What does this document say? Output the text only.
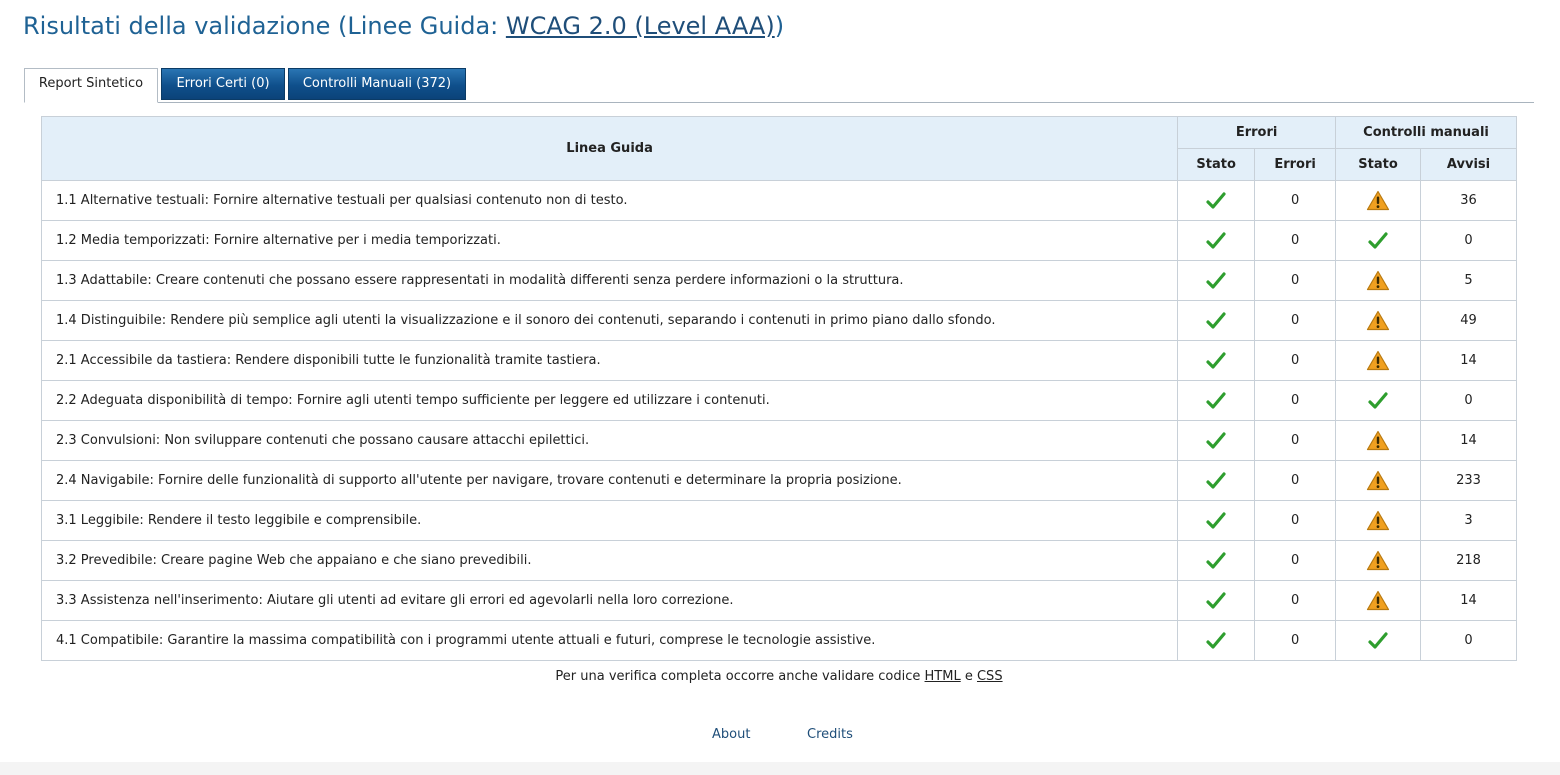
Risultati della validazione (Linee Guida: WCAG 2.0 (Level AAA))
Report Sintetico	Errori Certi (0)	Controlli Manuali (372)
Linea Guida	Errori		Controlli manuali	
	Stato	Errori	Stato	Avvisi
1.1 Alternative testuali: Fornire alternative testuali per qualsiasi contenuto non di testo.		0		36
1.2 Media temporizzati: Fornire alternative per i media temporizzati.		0		0
1.3 Adattabile: Creare contenuti che possano essere rappresentati in modalità differenti senza perdere informazioni o la struttura.		0		5
1.4 Distinguibile: Rendere più semplice agli utenti la visualizzazione e il sonoro dei contenuti, separando i contenuti in primo piano dallo sfondo.		0		49
2.1 Accessibile da tastiera: Rendere disponibili tutte le funzionalità tramite tastiera.		0		14
2.2 Adeguata disponibilità di tempo: Fornire agli utenti tempo sufficiente per leggere ed utilizzare i contenuti.		0		0
2.3 Convulsioni: Non sviluppare contenuti che possano causare attacchi epilettici.		0		14
2.4 Navigabile: Fornire delle funzionalità di supporto all'utente per navigare, trovare contenuti e determinare la propria posizione.		0		233
3.1 Leggibile: Rendere il testo leggibile e comprensibile.		0		3
3.2 Prevedibile: Creare pagine Web che appaiano e che siano prevedibili.		0		218
3.3 Assistenza nell'inserimento: Aiutare gli utenti ad evitare gli errori ed agevolarli nella loro correzione.		0		14
4.1 Compatibile: Garantire la massima compatibilità con i programmi utente attuali e futuri, comprese le tecnologie assistive.		0		0
Per una verifica completa occorre anche validare codice HTML e CSS
About	Credits
